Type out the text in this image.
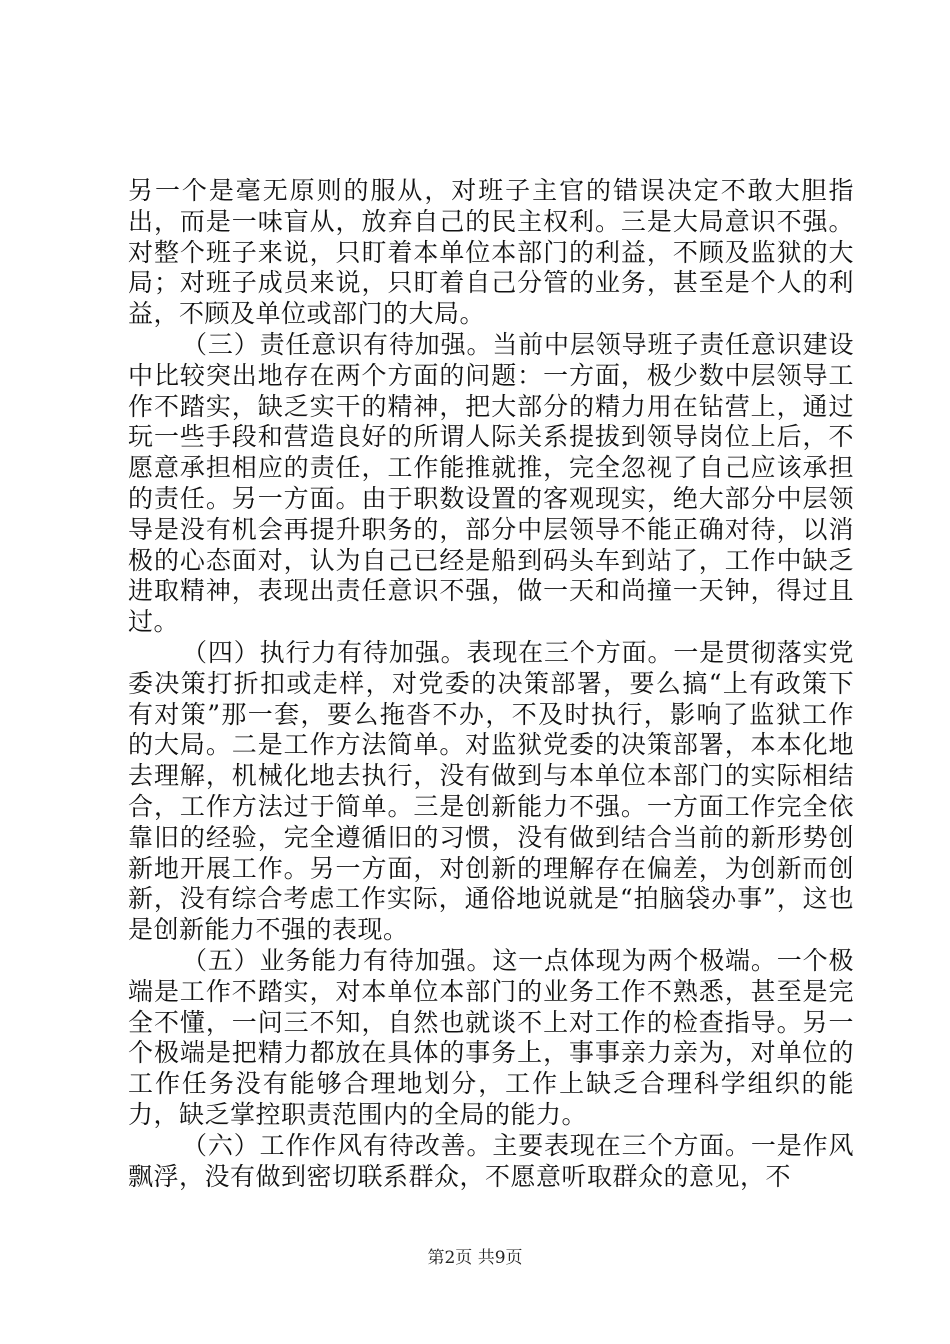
另一个是毫无原则的服从，对班子主官的错误决定不敢大胆指出，而是一味盲从，放弃自己的民主权利。三是大局意识不强。对整个班子来说，只盯着本单位本部门的利益，不顾及监狱的大局；对班子成员来说，只盯着自己分管的业务，甚至是个人的利益，不顾及单位或部门的大局。

（三）责任意识有待加强。当前中层领导班子责任意识建设中比较突出地存在两个方面的问题：一方面，极少数中层领导工作不踏实，缺乏实干的精神，把大部分的精力用在钻营上，通过玩一些手段和营造良好的所谓人际关系提拔到领导岗位上后，不愿意承担相应的责任，工作能推就推，完全忽视了自己应该承担的责任。另一方面。由于职数设置的客观现实，绝大部分中层领导是没有机会再提升职务的，部分中层领导不能正确对待，以消极的心态面对，认为自己已经是船到码头车到站了，工作中缺乏进取精神，表现出责任意识不强，做一天和尚撞一天钟，得过且过。

（四）执行力有待加强。表现在三个方面。一是贯彻落实党委决策打折扣或走样，对党委的决策部署，要么搞“上有政策下有对策”那一套，要么拖沓不办，不及时执行，影响了监狱工作的大局。二是工作方法简单。对监狱党委的决策部署，本本化地去理解，机械化地去执行，没有做到与本单位本部门的实际相结合，工作方法过于简单。三是创新能力不强。一方面工作完全依靠旧的经验，完全遵循旧的习惯，没有做到结合当前的新形势创新地开展工作。另一方面，对创新的理解存在偏差，为创新而创新，没有综合考虑工作实际，通俗地说就是“拍脑袋办事”，这也是创新能力不强的表现。

（五）业务能力有待加强。这一点体现为两个极端。一个极端是工作不踏实，对本单位本部门的业务工作不熟悉，甚至是完全不懂，一问三不知，自然也就谈不上对工作的检查指导。另一个极端是把精力都放在具体的事务上，事事亲力亲为，对单位的工作任务没有能够合理地划分，工作上缺乏合理科学组织的能力，缺乏掌控职责范围内的全局的能力。

（六）工作作风有待改善。主要表现在三个方面。一是作风飘浮，没有做到密切联系群众，不愿意听取群众的意见，不

第2页 共9页
